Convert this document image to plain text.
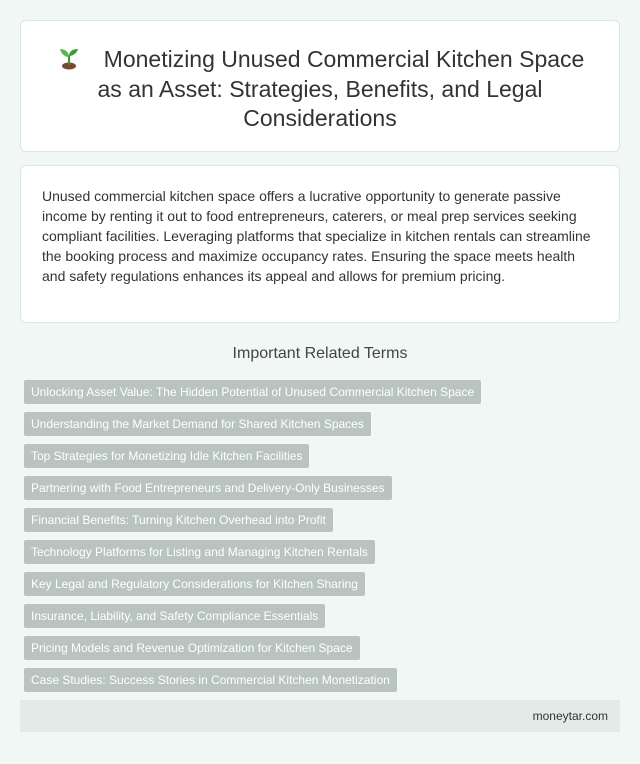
Monetizing Unused Commercial Kitchen Space as an Asset: Strategies, Benefits, and Legal Considerations

Unused commercial kitchen space offers a lucrative opportunity to generate passive income by renting it out to food entrepreneurs, caterers, or meal prep services seeking compliant facilities. Leveraging platforms that specialize in kitchen rentals can streamline the booking process and maximize occupancy rates. Ensuring the space meets health and safety regulations enhances its appeal and allows for premium pricing.

Important Related Terms
Unlocking Asset Value: The Hidden Potential of Unused Commercial Kitchen Space
Understanding the Market Demand for Shared Kitchen Spaces
Top Strategies for Monetizing Idle Kitchen Facilities
Partnering with Food Entrepreneurs and Delivery-Only Businesses
Financial Benefits: Turning Kitchen Overhead into Profit
Technology Platforms for Listing and Managing Kitchen Rentals
Key Legal and Regulatory Considerations for Kitchen Sharing
Insurance, Liability, and Safety Compliance Essentials
Pricing Models and Revenue Optimization for Kitchen Space
Case Studies: Success Stories in Commercial Kitchen Monetization
moneytar.com
